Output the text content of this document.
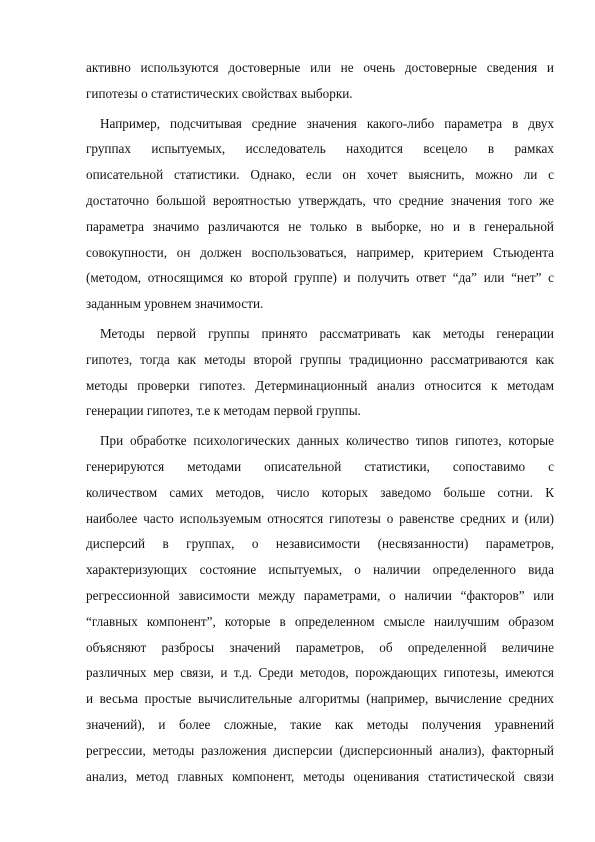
активно используются достоверные или не очень достоверные сведения и
гипотезы о статистических свойствах выборки.
Например, подсчитывая средние значения какого-либо параметра в двух
группах испытуемых, исследователь находится всецело в рамках
описательной статистики. Однако, если он хочет выяснить, можно ли с
достаточно большой вероятностью утверждать, что средние значения того же
параметра значимо различаются не только в выборке, но и в генеральной
совокупности, он должен воспользоваться, например, критерием Стьюдента
(методом, относящимся ко второй группе) и получить ответ “да” или “нет” с
заданным уровнем значимости.
Методы первой группы принято рассматривать как методы генерации
гипотез, тогда как методы второй группы традиционно рассматриваются как
методы проверки гипотез. Детерминационный анализ относится к методам
генерации гипотез, т.е к методам первой группы.
При обработке психологических данных количество типов гипотез, которые
генерируются методами описательной статистики, сопоставимо с
количеством самих методов, число которых заведомо больше сотни. К
наиболее часто используемым относятся гипотезы о равенстве средних и (или)
дисперсий в группах, о независимости (несвязанности) параметров,
характеризующих состояние испытуемых, о наличии определенного вида
регрессионной зависимости между параметрами, о наличии “факторов” или
“главных компонент”, которые в определенном смысле наилучшим образом
объясняют разбросы значений параметров, об определенной величине
различных мер связи, и т.д. Среди методов, порождающих гипотезы, имеются
и весьма простые вычислительные алгоритмы (например, вычисление средних
значений), и более сложные, такие как методы получения уравнений
регрессии, методы разложения дисперсии (дисперсионный анализ), факторный
анализ, метод главных компонент, методы оценивания статистической связи
